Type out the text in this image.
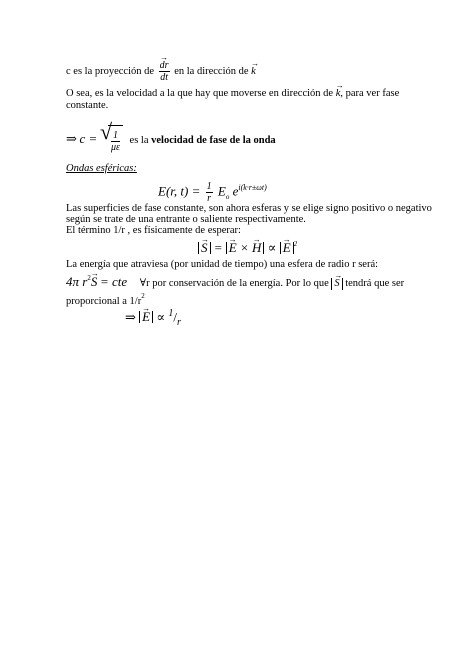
c es la proyección de → $\frac{dr}{dt}$ en la dirección de → k
O sea, es la velocidad a la que hay que moverse en dirección de → k, para ver fase
constante.
⇒ c = √
$\frac{1}{\mu\varepsilon}$ es la velocidad de fase de la onda
Ondas esféricas:
E(r, $t) = \frac{1}{r} E_o$ $e^{i(k\cdot r\pm\omega t)}$
Las superficies de fase constante, son ahora esferas y se elige signo positivo o negativo
según se trate de una entrante o saliente respectivamente.
El término 1/r , es físicamente de esperar:
→ S = → E × → H ∝ → E $^2$
La energía que atraviesa (por unidad de tiempo) una esfera de radio r será:
4π $r^2\to S$ = cte ∀r por conservación de la energía. Por lo que → S tendrá que ser
proporcional a $1/r^2$
⇒ → $E \propto ^1/_r$
